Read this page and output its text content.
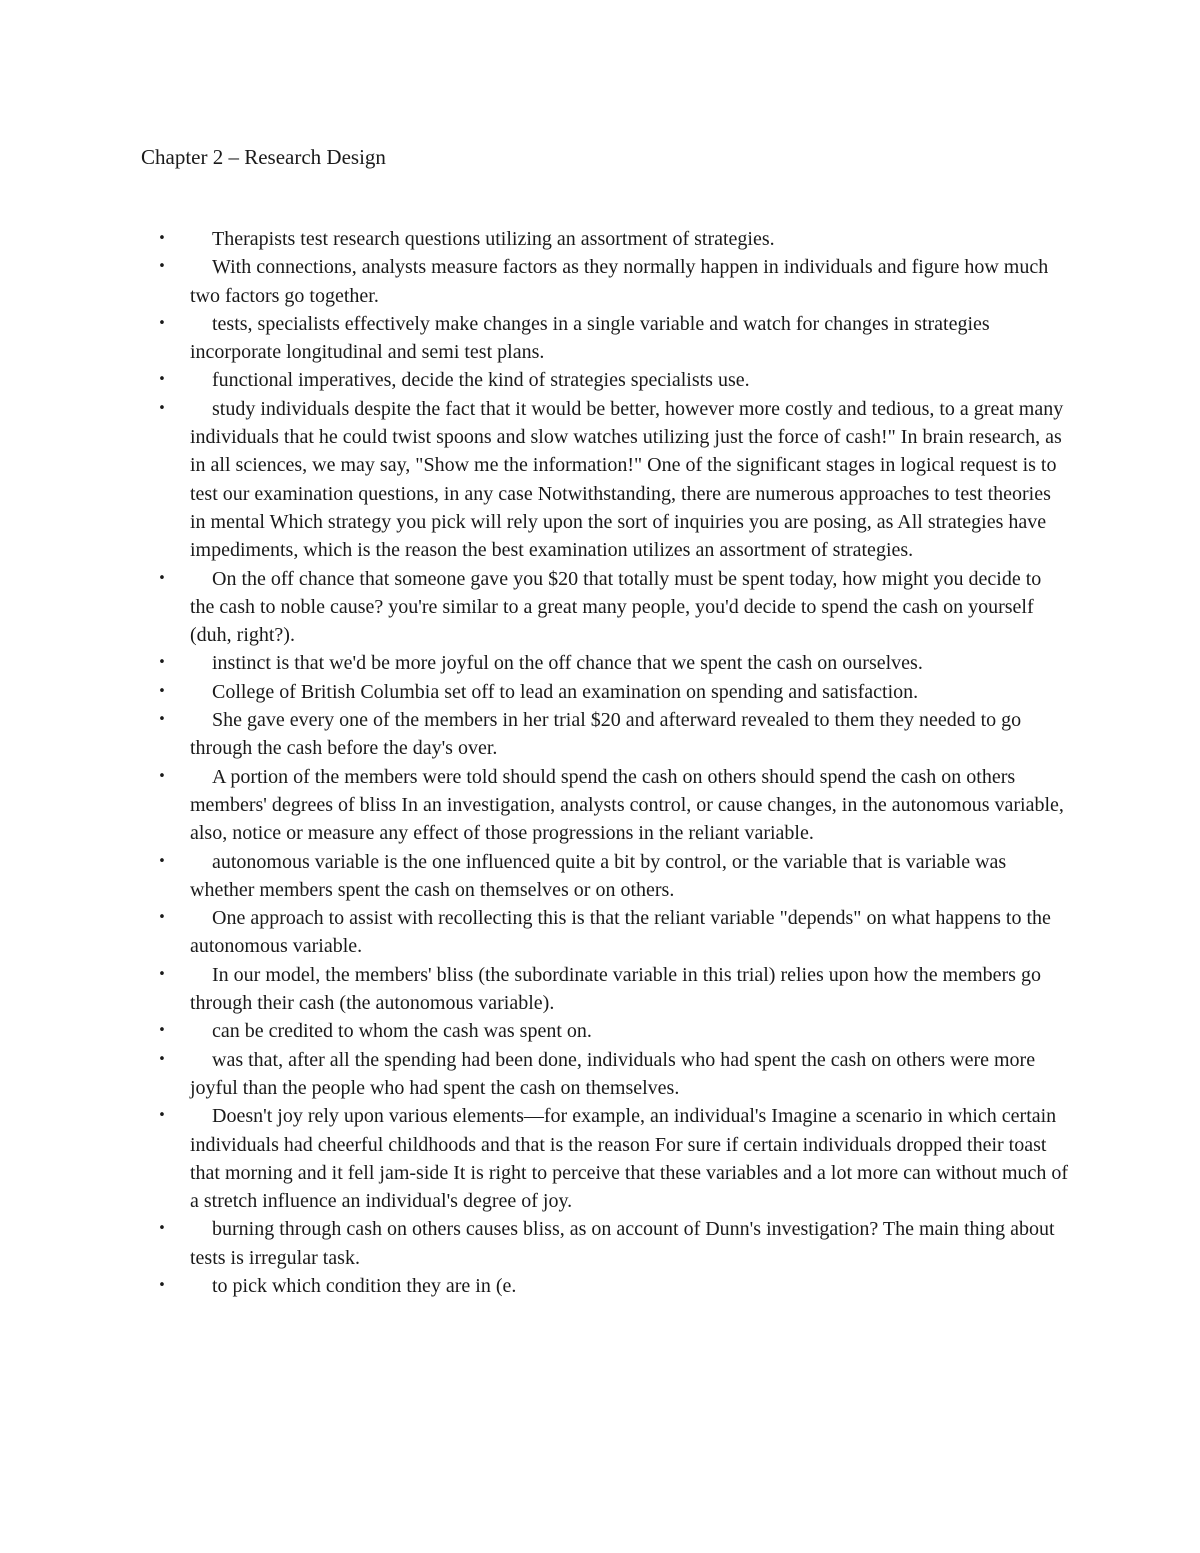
Chapter 2 – Research Design
•	Therapists test research questions utilizing an assortment of strategies.
•	With connections, analysts measure factors as they normally happen in individuals and figure how much two factors go together.
•	tests, specialists effectively make changes in a single variable and watch for changes in strategies incorporate longitudinal and semi test plans.
•	functional imperatives, decide the kind of strategies specialists use.
•	study individuals despite the fact that it would be better, however more costly and tedious, to a great many individuals that he could twist spoons and slow watches utilizing just the force of cash!" In brain research, as in all sciences, we may say, "Show me the information!" One of the significant stages in logical request is to test our examination questions, in any case Notwithstanding, there are numerous approaches to test theories in mental Which strategy you pick will rely upon the sort of inquiries you are posing, as All strategies have impediments, which is the reason the best examination utilizes an assortment of strategies.
•	On the off chance that someone gave you $20 that totally must be spent today, how might you decide to the cash to noble cause? you're similar to a great many people, you'd decide to spend the cash on yourself (duh, right?).
•	instinct is that we'd be more joyful on the off chance that we spent the cash on ourselves.
•	College of British Columbia set off to lead an examination on spending and satisfaction.
•	She gave every one of the members in her trial $20 and afterward revealed to them they needed to go through the cash before the day's over.
•	A portion of the members were told should spend the cash on others should spend the cash on others members' degrees of bliss In an investigation, analysts control, or cause changes, in the autonomous variable, also, notice or measure any effect of those progressions in the reliant variable.
•	autonomous variable is the one influenced quite a bit by control, or the variable that is variable was whether members spent the cash on themselves or on others.
•	One approach to assist with recollecting this is that the reliant variable "depends" on what happens to the autonomous variable.
•	In our model, the members' bliss (the subordinate variable in this trial) relies upon how the members go through their cash (the autonomous variable).
•	can be credited to whom the cash was spent on.
•	was that, after all the spending had been done, individuals who had spent the cash on others were more joyful than the people who had spent the cash on themselves.
•	Doesn't joy rely upon various elements—for example, an individual's Imagine a scenario in which certain individuals had cheerful childhoods and that is the reason For sure if certain individuals dropped their toast that morning and it fell jam-side It is right to perceive that these variables and a lot more can without much of a stretch influence an individual's degree of joy.
•	burning through cash on others causes bliss, as on account of Dunn's investigation? The main thing about tests is irregular task.
•	to pick which condition they are in (e.
